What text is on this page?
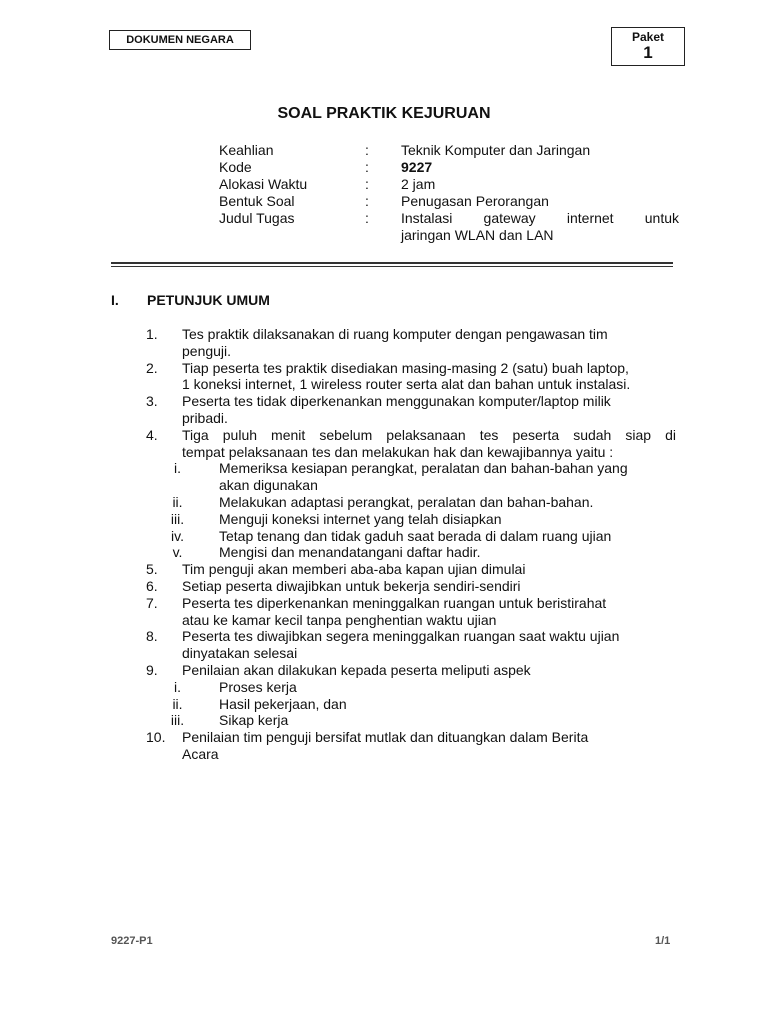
DOKUMEN NEGARA	Paket
1
SOAL PRAKTIK KEJURUAN
Keahlian	:	Teknik Komputer dan Jaringan
Kode	:	9227
Alokasi Waktu	:	2 jam
Bentuk Soal	:	Penugasan Perorangan
Judul Tugas	:	Instalasi gateway internet untuk
jaringan WLAN dan LAN
I.	PETUNJUK UMUM
1.	Tes praktik dilaksanakan di ruang komputer dengan pengawasan tim
penguji.
2.	Tiap peserta tes praktik disediakan masing-masing 2 (satu) buah laptop,
1 koneksi internet, 1 wireless router serta alat dan bahan untuk instalasi.
3.	Peserta tes tidak diperkenankan menggunakan komputer/laptop milik
pribadi.
4.	Tiga puluh menit sebelum pelaksanaan tes peserta sudah siap di
tempat pelaksanaan tes dan melakukan hak dan kewajibannya yaitu :
i.	Memeriksa kesiapan perangkat, peralatan dan bahan-bahan yang
akan digunakan
ii.	Melakukan adaptasi perangkat, peralatan dan bahan-bahan.
iii.	Menguji koneksi internet yang telah disiapkan
iv.	Tetap tenang dan tidak gaduh saat berada di dalam ruang ujian
v.	Mengisi dan menandatangani daftar hadir.
5.	Tim penguji akan memberi aba-aba kapan ujian dimulai
6.	Setiap peserta diwajibkan untuk bekerja sendiri-sendiri
7.	Peserta tes diperkenankan meninggalkan ruangan untuk beristirahat
atau ke kamar kecil tanpa penghentian waktu ujian
8.	Peserta tes diwajibkan segera meninggalkan ruangan saat waktu ujian
dinyatakan selesai
9.	Penilaian akan dilakukan kepada peserta meliputi aspek
i.	Proses kerja
ii.	Hasil pekerjaan, dan
iii.	Sikap kerja
10.	Penilaian tim penguji bersifat mutlak dan dituangkan dalam Berita
Acara
9227-P1	1/1
